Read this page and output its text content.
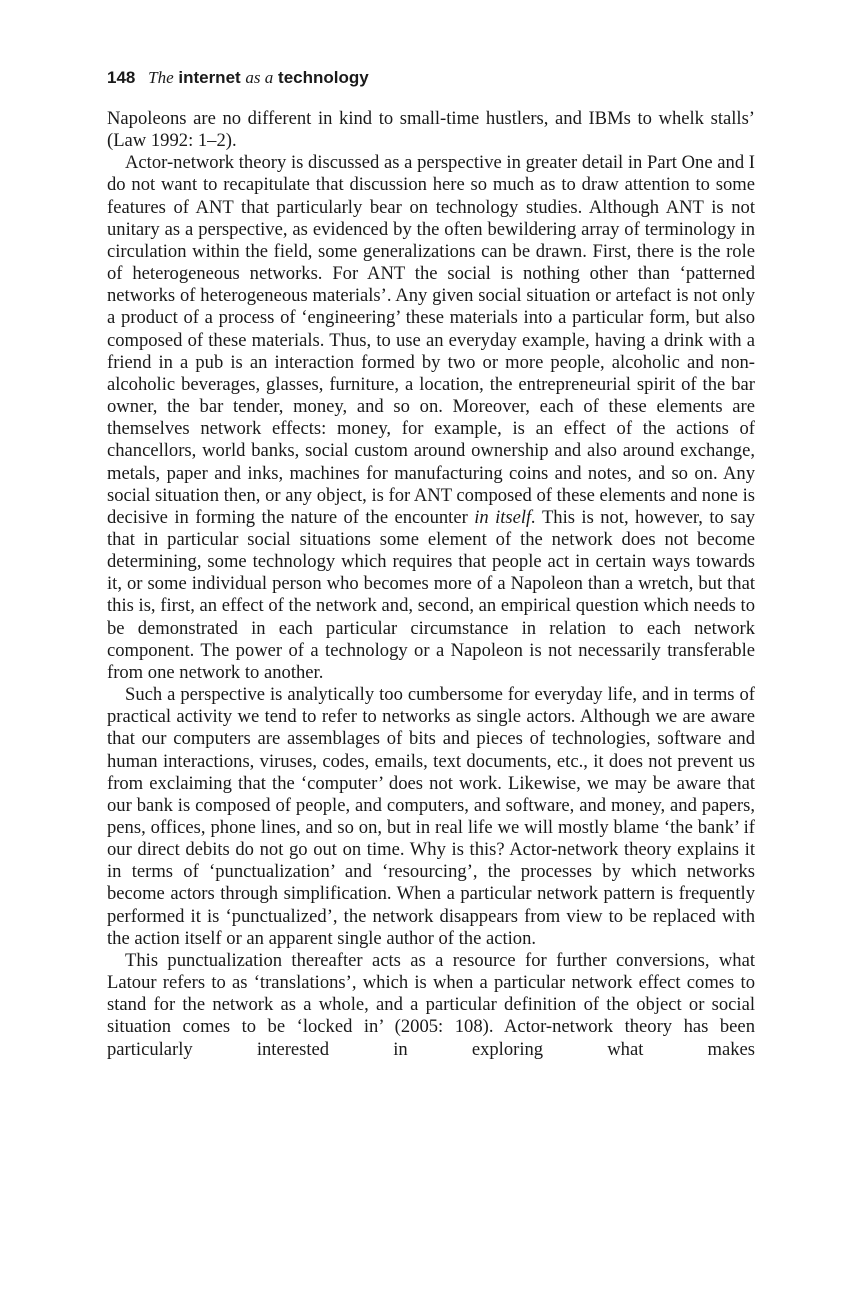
148 The internet as a technology

Napoleons are no different in kind to small-time hustlers, and IBMs to whelk stalls’ (Law 1992: 1–2).

Actor-network theory is discussed as a perspective in greater detail in Part One and I do not want to recapitulate that discussion here so much as to draw attention to some features of ANT that particularly bear on technology studies. Although ANT is not unitary as a perspective, as evidenced by the often bewildering array of terminology in circulation within the field, some generalizations can be drawn. First, there is the role of heterogeneous networks. For ANT the social is nothing other than ‘patterned networks of heterogeneous materials’. Any given social situation or artefact is not only a product of a process of ‘engineering’ these materials into a particular form, but also composed of these materials. Thus, to use an everyday example, having a drink with a friend in a pub is an interaction formed by two or more people, alcoholic and non-alcoholic beverages, glasses, furniture, a location, the entrepreneurial spirit of the bar owner, the bar tender, money, and so on. Moreover, each of these elements are themselves network effects: money, for example, is an effect of the actions of chancellors, world banks, social custom around ownership and also around exchange, metals, paper and inks, machines for manufacturing coins and notes, and so on. Any social situation then, or any object, is for ANT composed of these elements and none is decisive in forming the nature of the encounter in itself. This is not, however, to say that in particular social situations some element of the network does not become determining, some technology which requires that people act in certain ways towards it, or some individual person who becomes more of a Napoleon than a wretch, but that this is, first, an effect of the network and, second, an empirical question which needs to be demonstrated in each particular circumstance in relation to each network component. The power of a technology or a Napoleon is not necessarily transferable from one network to another.

Such a perspective is analytically too cumbersome for everyday life, and in terms of practical activity we tend to refer to networks as single actors. Although we are aware that our computers are assemblages of bits and pieces of technologies, software and human interactions, viruses, codes, emails, text documents, etc., it does not prevent us from exclaiming that the ‘computer’ does not work. Likewise, we may be aware that our bank is composed of people, and computers, and software, and money, and papers, pens, offices, phone lines, and so on, but in real life we will mostly blame ‘the bank’ if our direct debits do not go out on time. Why is this? Actor-network theory explains it in terms of ‘punctualization’ and ‘resourcing’, the processes by which networks become actors through simplification. When a particular network pattern is frequently performed it is ‘punctualized’, the network disappears from view to be replaced with the action itself or an apparent single author of the action.

This punctualization thereafter acts as a resource for further conversions, what Latour refers to as ‘translations’, which is when a particular network effect comes to stand for the network as a whole, and a particular definition of the object or social situation comes to be ‘locked in’ (2005: 108). Actor-network theory has been particularly interested in exploring what makes
